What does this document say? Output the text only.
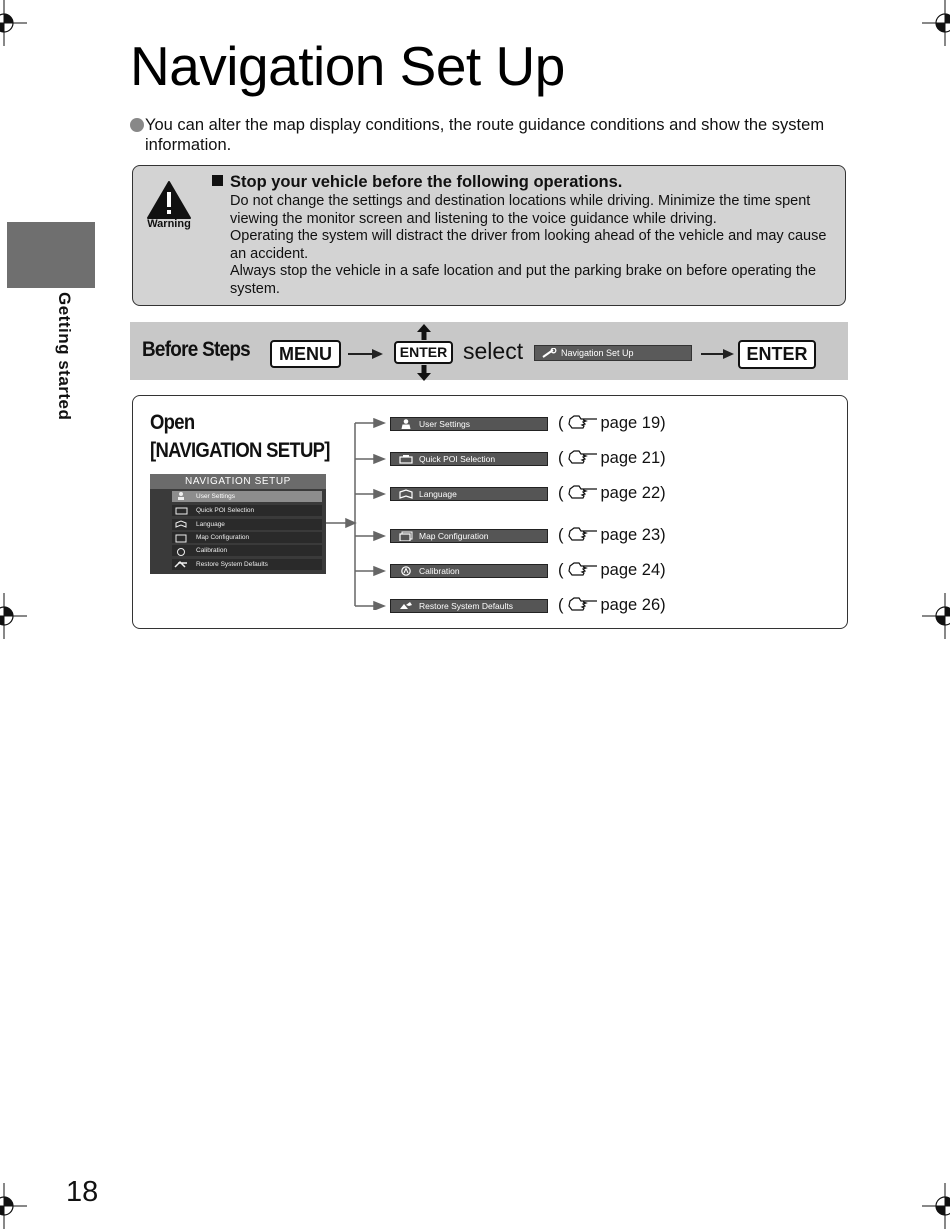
Getting started
Navigation Set Up
You can alter the map display conditions, the route guidance conditions and show the system information.
Warning
Stop your vehicle before the following operations.

Do not change the settings and destination locations while driving. Minimize the time spent viewing the monitor screen and listening to the voice guidance while driving.

Operating the system will distract the driver from looking ahead of the vehicle and may cause an accident.

Always stop the vehicle in a safe location and put the parking brake on before operating the system.

Before Steps	MENU	ENTER select	Navigation Set Up	ENTER
Open
[NAVIGATION SETUP]
NAVIGATION SETUP
User Settings
Quick POI Selection
Language
Map Configuration
Calibration
Restore System Defaults
User Settings	( page 19)
Quick POI Selection	( page 21)
Language	( page 22)
Map Configuration	( page 23)
Calibration	( page 24)
Restore System Defaults	( page 26)
18
